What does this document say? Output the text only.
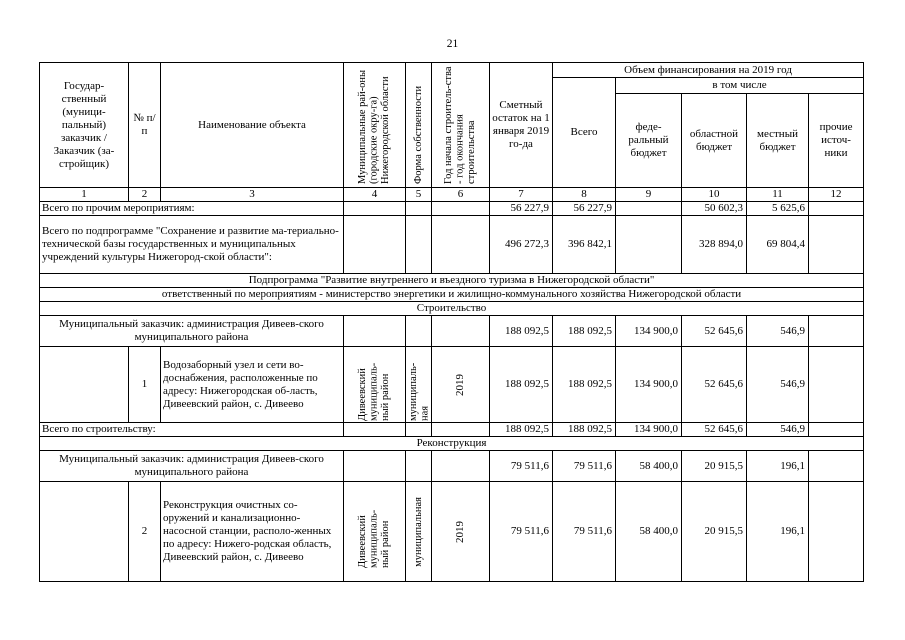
21
Государ-ственный (муници-пальный) заказчик / Заказчик (за-стройщик)	№ п/п	Наименование объекта	Муниципальные рай-оны (городские окру-га) Нижегородской области	Форма собственности	Год начала строитель-ства - год окончания строительства	Сметный остаток на 1 января 2019 го-да	Объем финансирования на 2019 год				
							Всего	в том числе			
								феде-ральный бюджет	областной бюджет	местный бюджет	прочие источ-ники
1	2	3	4	5	6	7	8	9	10	11	12
Всего по прочим мероприятиям:						56 227,9	56 227,9		50 602,3	5 625,6	
Всего по подпрограмме "Сохранение и развитие ма-териально-технической базы государственных и муниципальных учреждений культуры Нижегород-ской области":						496 272,3	396 842,1		328 894,0	69 804,4	
Подпрограмма "Развитие внутреннего и въездного туризма в Нижегородской области"											
ответственный по мероприятиям - министерство энергетики и жилищно-коммунального хозяйства Нижегородской области											
Строительство											
Муниципальный заказчик: администрация Дивеев-ского муниципального района						188 092,5	188 092,5	134 900,0	52 645,6	546,9	
	1	Водозаборный узел и сети во-доснабжения, расположенные по адресу: Нижегородская об-ласть, Дивеевский район, с. Дивеево	Дивеевский муниципаль-ный район	муниципаль-ная	2019	188 092,5	188 092,5	134 900,0	52 645,6	546,9	
Всего по строительству:						188 092,5	188 092,5	134 900,0	52 645,6	546,9	
Реконструкция											
Муниципальный заказчик: администрация Дивеев-ского муниципального района						79 511,6	79 511,6	58 400,0	20 915,5	196,1	
	2	Реконструкция очистных со-оружений и канализационно-насосной станции, располо-женных по адресу: Нижего-родская область, Дивеевский район, с. Дивеево	Дивеевский муниципаль-ный район	муниципальная	2019	79 511,6	79 511,6	58 400,0	20 915,5	196,1	
